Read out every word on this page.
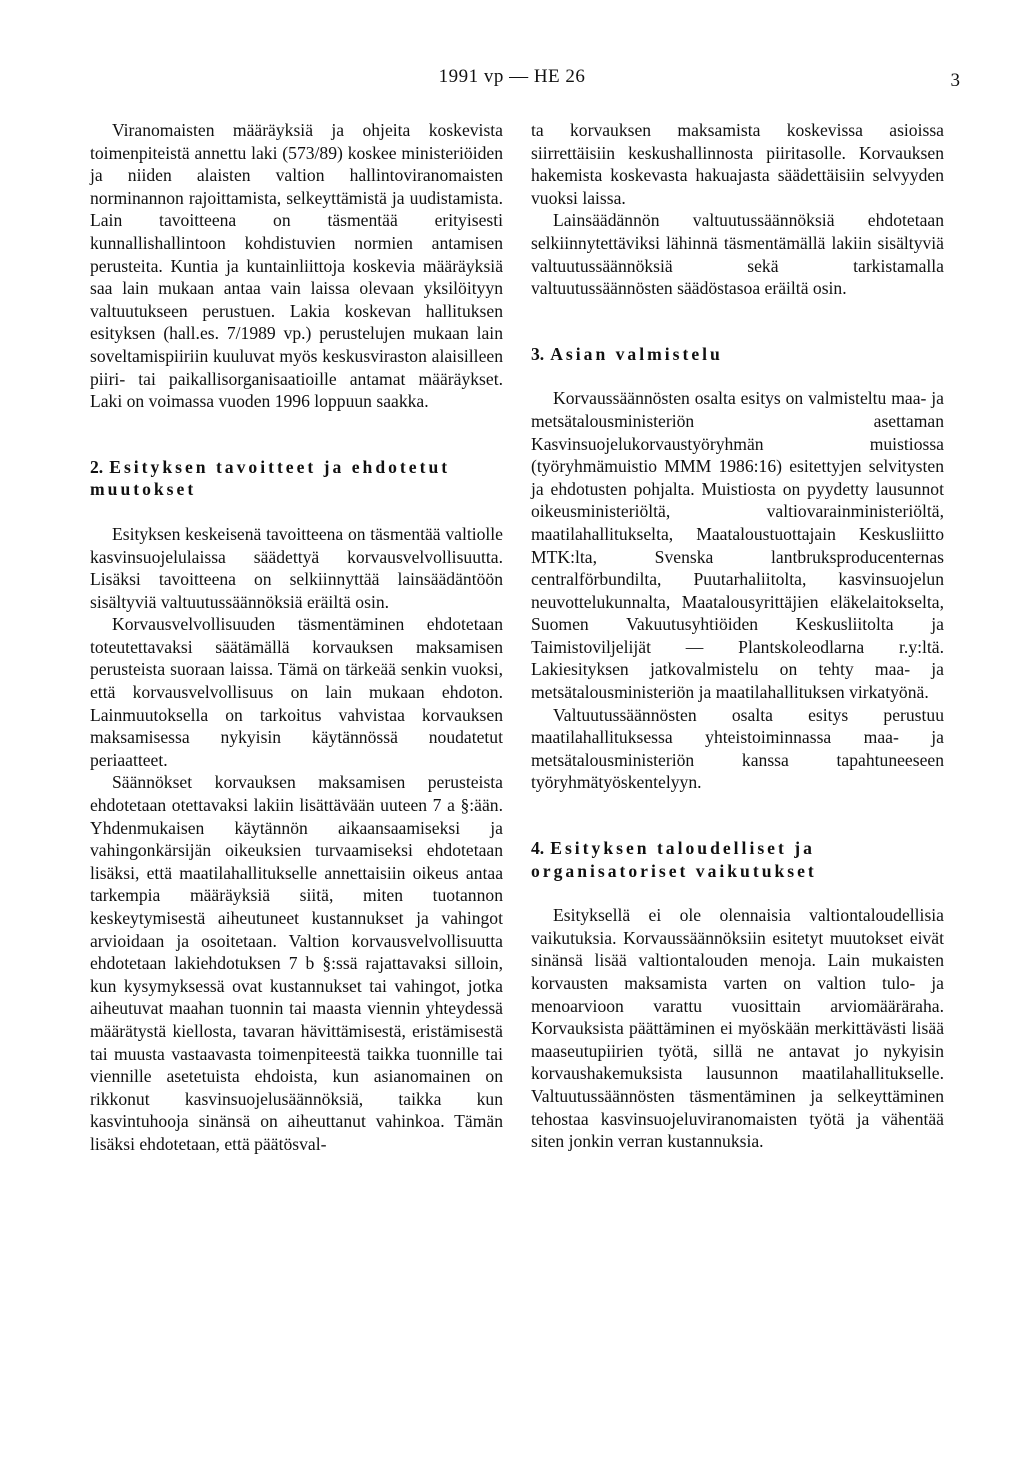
1991 vp — HE 26	3

Viranomaisten määräyksiä ja ohjeita koskevista toimenpiteistä annettu laki (573/89) koskee ministeriöiden ja niiden alaisten valtion hallintoviranomaisten norminannon rajoittamista, selkeyttämistä ja uudistamista. Lain tavoitteena on täsmentää erityisesti kunnallishallintoon kohdistuvien normien antamisen perusteita. Kuntia ja kuntainliittoja koskevia määräyksiä saa lain mukaan antaa vain laissa olevaan yksilöityyn valtuutukseen perustuen. Lakia koskevan hallituksen esityksen (hall.es. 7/1989 vp.) perustelujen mukaan lain soveltamispiiriin kuuluvat myös keskusviraston alaisilleen piiri- tai paikallisorganisaatioille antamat määräykset. Laki on voimassa vuoden 1996 loppuun saakka.

2. Esityksen tavoitteet ja ehdotetut muutokset

Esityksen keskeisenä tavoitteena on täsmentää valtiolle kasvinsuojelulaissa säädettyä korvausvelvollisuutta. Lisäksi tavoitteena on selkiinnyttää lainsäädäntöön sisältyviä valtuutussäännöksiä eräiltä osin.

Korvausvelvollisuuden täsmentäminen ehdotetaan toteutettavaksi säätämällä korvauksen maksamisen perusteista suoraan laissa. Tämä on tärkeää senkin vuoksi, että korvausvelvollisuus on lain mukaan ehdoton. Lainmuutoksella on tarkoitus vahvistaa korvauksen maksamisessa nykyisin käytännössä noudatetut periaatteet.

Säännökset korvauksen maksamisen perusteista ehdotetaan otettavaksi lakiin lisättävään uuteen 7 a §:ään. Yhdenmukaisen käytännön aikaansaamiseksi ja vahingonkärsijän oikeuksien turvaamiseksi ehdotetaan lisäksi, että maatilahallitukselle annettaisiin oikeus antaa tarkempia määräyksiä siitä, miten tuotannon keskeytymisestä aiheutuneet kustannukset ja vahingot arvioidaan ja osoitetaan. Valtion korvausvelvollisuutta ehdotetaan lakiehdotuksen 7 b §:ssä rajattavaksi silloin, kun kysymyksessä ovat kustannukset tai vahingot, jotka aiheutuvat maahan tuonnin tai maasta viennin yhteydessä määrätystä kiellosta, tavaran hävittämisestä, eristämisestä tai muusta vastaavasta toimenpiteestä taikka tuonnille tai viennille asetetuista ehdoista, kun asianomainen on rikkonut kasvinsuojelusäännöksiä, taikka kun kasvintuhooja sinänsä on aiheuttanut vahinkoa. Tämän lisäksi ehdotetaan, että päätösval-

ta korvauksen maksamista koskevissa asioissa siirrettäisiin keskushallinnosta piiritasolle. Korvauksen hakemista koskevasta hakuajasta säädettäisiin selvyyden vuoksi laissa.

Lainsäädännön valtuutussäännöksiä ehdotetaan selkiinnytettäviksi lähinnä täsmentämällä lakiin sisältyviä valtuutussäännöksiä sekä tarkistamalla valtuutussäännösten säädöstasoa eräiltä osin.

3. Asian valmistelu

Korvaussäännösten osalta esitys on valmisteltu maa- ja metsätalousministeriön asettaman Kasvinsuojelukorvaustyöryhmän muistiossa (työryhmämuistio MMM 1986:16) esitettyjen selvitysten ja ehdotusten pohjalta. Muistiosta on pyydetty lausunnot oikeusministeriöltä, valtiovarainministeriöltä, maatilahallitukselta, Maataloustuottajain Keskusliitto MTK:lta, Svenska lantbruksproducenternas centralförbundilta, Puutarhaliitolta, kasvinsuojelun neuvottelukunnalta, Maatalousyrittäjien eläkelaitokselta, Suomen Vakuutusyhtiöiden Keskusliitolta ja Taimistoviljelijät — Plantskoleodlarna r.y:ltä. Lakiesityksen jatkovalmistelu on tehty maa- ja metsätalousministeriön ja maatilahallituksen virkatyönä.

Valtuutussäännösten osalta esitys perustuu maatilahallituksessa yhteistoiminnassa maa- ja metsätalousministeriön kanssa tapahtuneeseen työryhmätyöskentelyyn.

4. Esityksen taloudelliset ja organisatoriset vaikutukset

Esityksellä ei ole olennaisia valtiontaloudellisia vaikutuksia. Korvaussäännöksiin esitetyt muutokset eivät sinänsä lisää valtiontalouden menoja. Lain mukaisten korvausten maksamista varten on valtion tulo- ja menoarvioon varattu vuosittain arviomääräraha. Korvauksista päättäminen ei myöskään merkittävästi lisää maaseutupiirien työtä, sillä ne antavat jo nykyisin korvaushakemuksista lausunnon maatilahallitukselle. Valtuutussäännösten täsmentäminen ja selkeyttäminen tehostaa kasvinsuojeluviranomaisten työtä ja vähentää siten jonkin verran kustannuksia.
